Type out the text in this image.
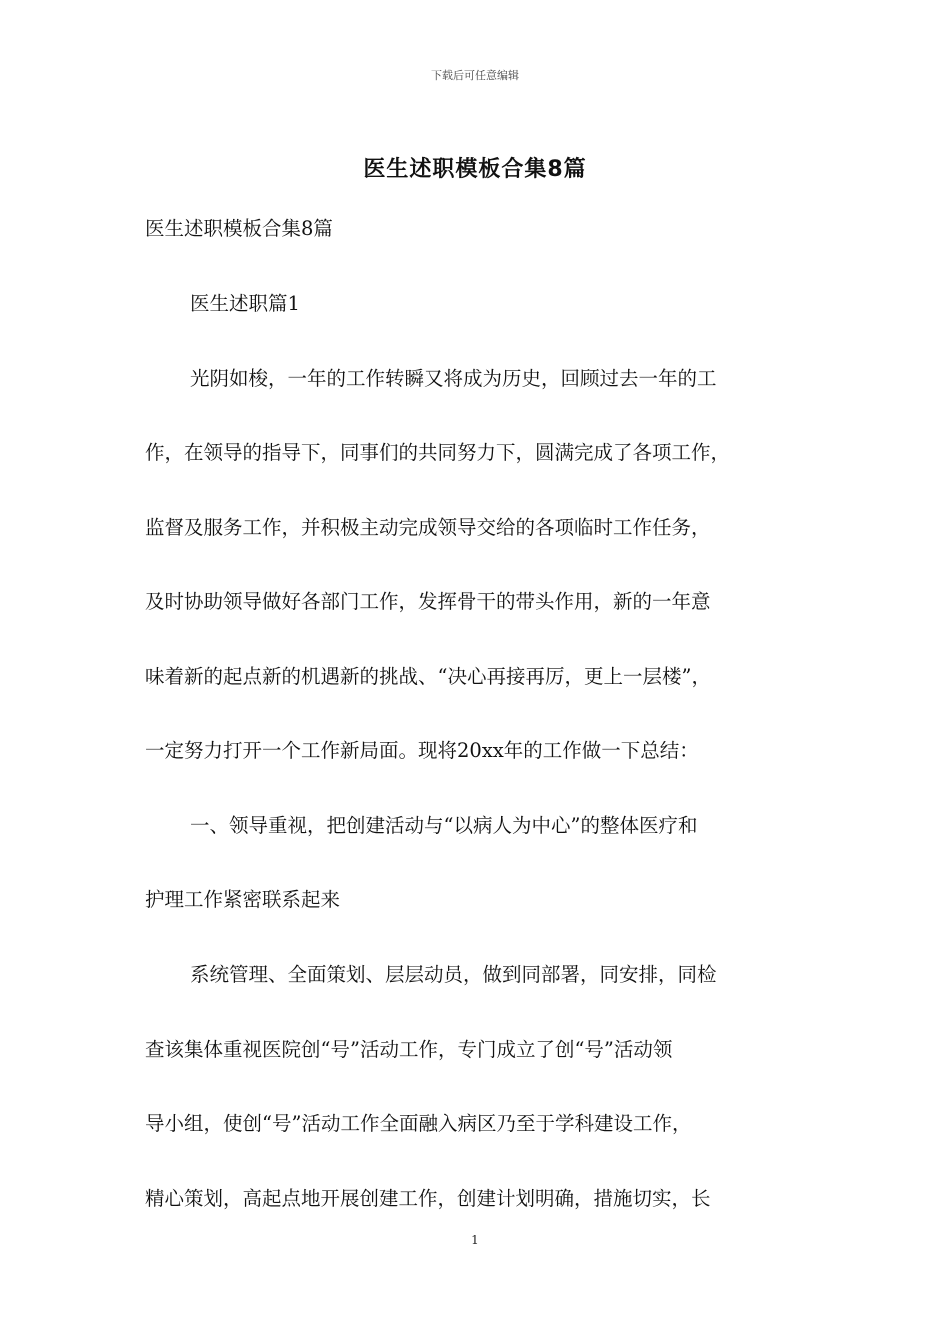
下载后可任意编辑
医生述职模板合集8篇
医生述职模板合集8篇
医生述职篇1
光阴如梭，一年的工作转瞬又将成为历史，回顾过去一年的工
作，在领导的指导下，同事们的共同努力下，圆满完成了各项工作，
监督及服务工作，并积极主动完成领导交给的各项临时工作任务，
及时协助领导做好各部门工作，发挥骨干的带头作用，新的一年意
味着新的起点新的机遇新的挑战、“决心再接再厉，更上一层楼”，
一定努力打开一个工作新局面。现将20xx年的工作做一下总结：
一、领导重视，把创建活动与“以病人为中心”的整体医疗和
护理工作紧密联系起来
系统管理、全面策划、层层动员，做到同部署，同安排，同检
查该集体重视医院创“号”活动工作，专门成立了创“号”活动领
导小组，使创“号”活动工作全面融入病区乃至于学科建设工作，
精心策划，高起点地开展创建工作，创建计划明确，措施切实，长
1
